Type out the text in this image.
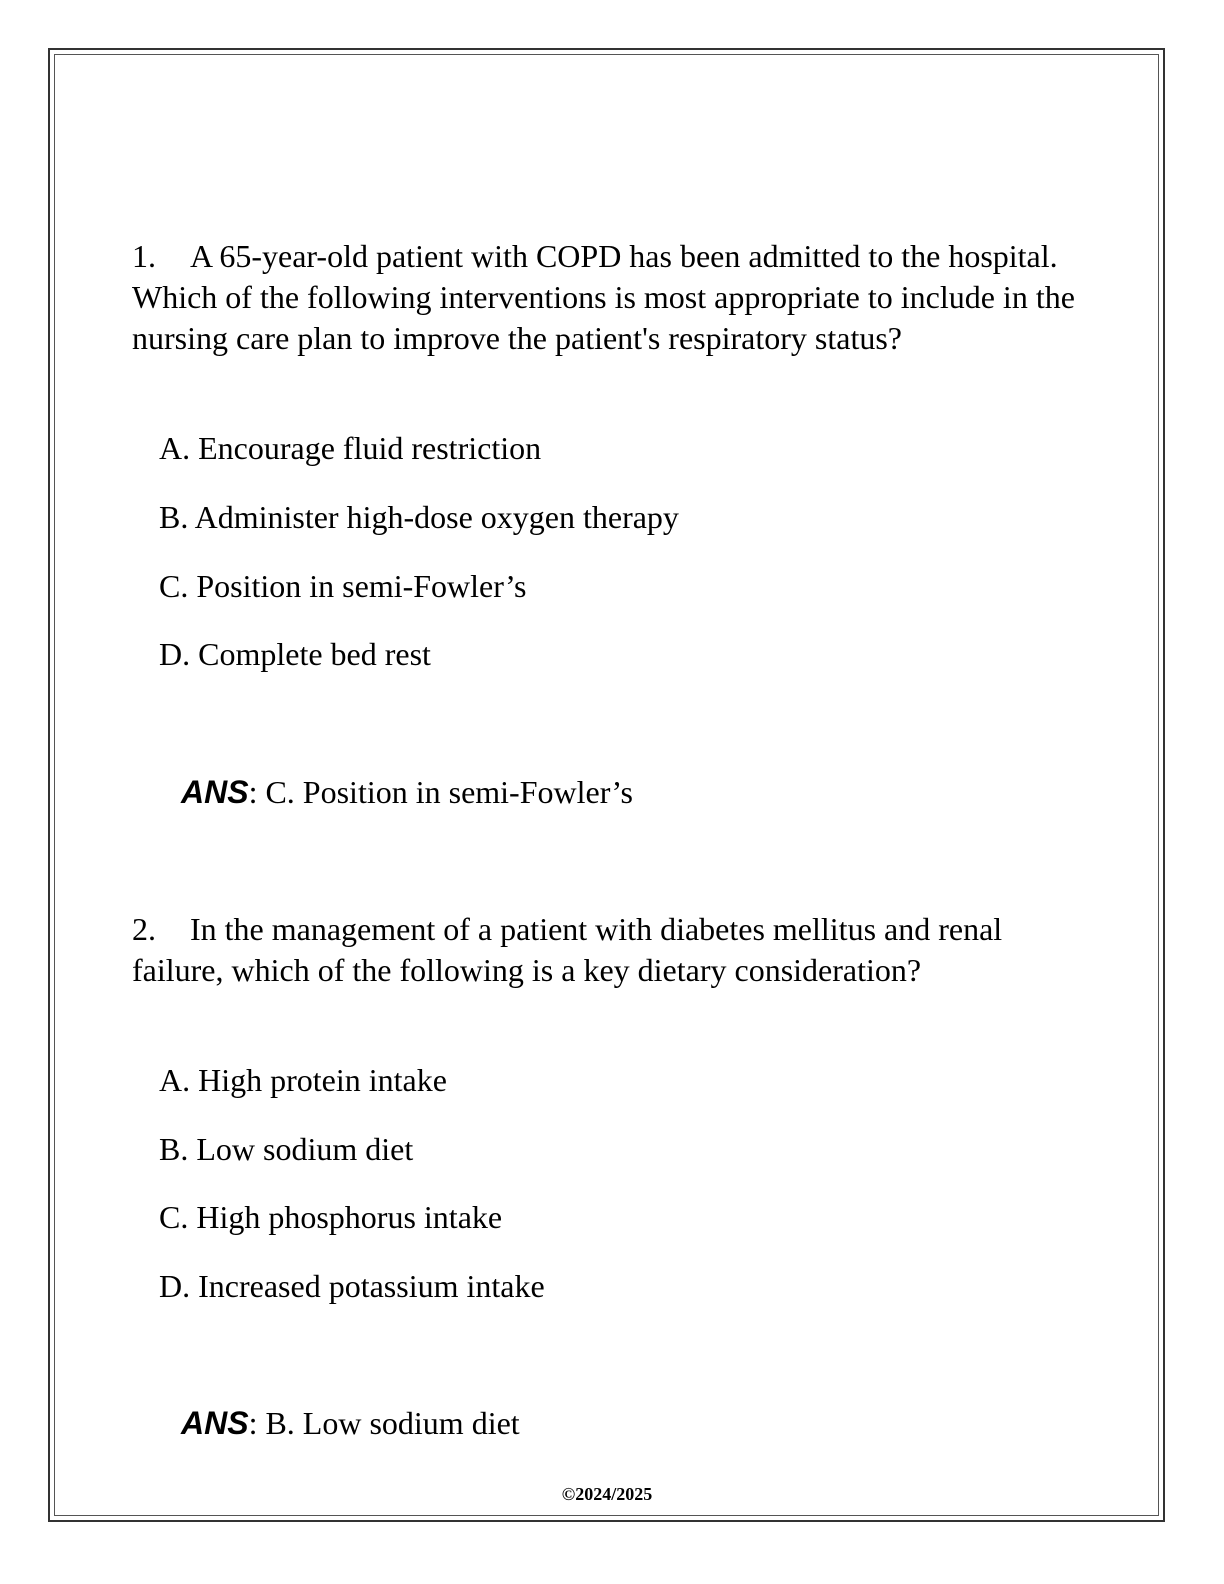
1. A 65-year-old patient with COPD has been admitted to the hospital. Which of the following interventions is most appropriate to include in the nursing care plan to improve the patient's respiratory status?

A. Encourage fluid restriction
B. Administer high-dose oxygen therapy
C. Position in semi-Fowler’s
D. Complete bed rest
ANS: C. Position in semi-Fowler’s

2. In the management of a patient with diabetes mellitus and renal failure, which of the following is a key dietary consideration?

A. High protein intake
B. Low sodium diet
C. High phosphorus intake
D. Increased potassium intake
ANS: B. Low sodium diet
©2024/2025
